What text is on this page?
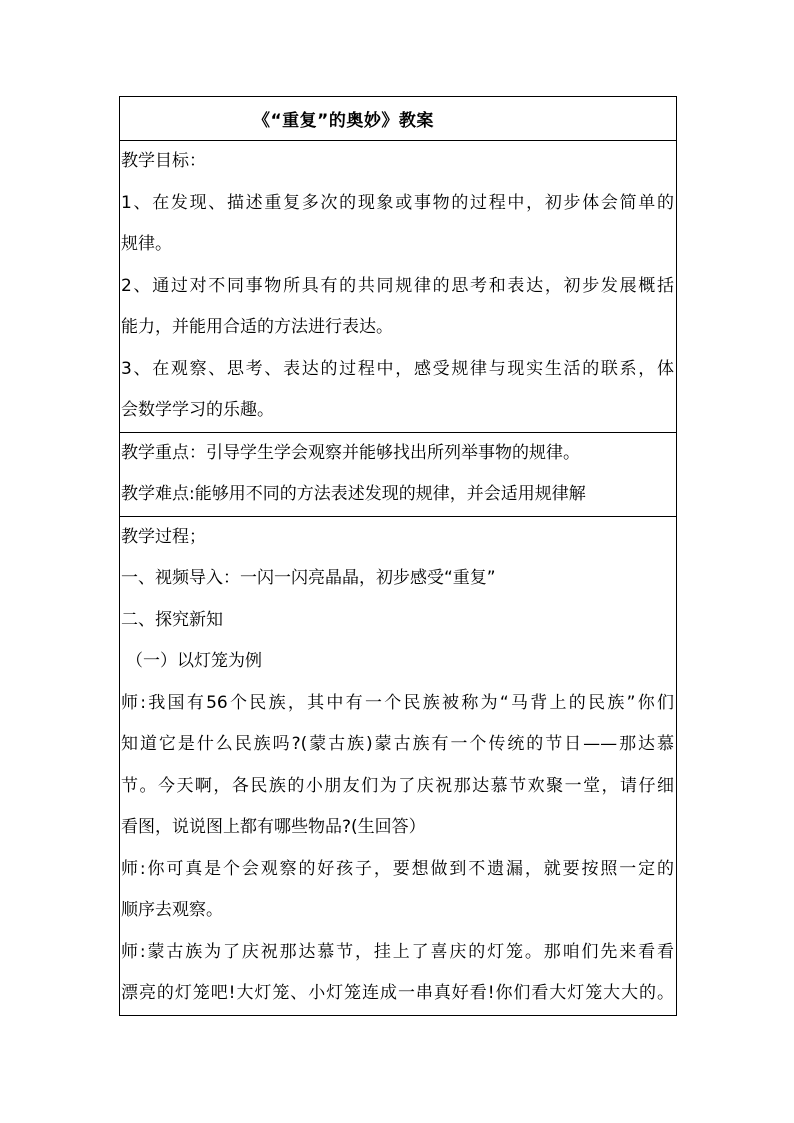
《“重复”的奥妙》教案
教学目标：
1、在发现、描述重复多次的现象或事物的过程中，初步体会简单的
规律。
2、通过对不同事物所具有的共同规律的思考和表达，初步发展概括
能力，并能用合适的方法进行表达。
3、在观察、思考、表达的过程中，感受规律与现实生活的联系，体
会数学学习的乐趣。
教学重点：引导学生学会观察并能够找出所列举事物的规律。
教学难点:能够用不同的方法表述发现的规律，并会适用规律解
教学过程；
一、视频导入：一闪一闪亮晶晶，初步感受“重复”
二、探究新知
（一）以灯笼为例
师:我国有56个民族，其中有一个民族被称为“马背上的民族”你们
知道它是什么民族吗?(蒙古族)蒙古族有一个传统的节日——那达慕
节。今天啊，各民族的小朋友们为了庆祝那达慕节欢聚一堂，请仔细
看图，说说图上都有哪些物品?(生回答）
师:你可真是个会观察的好孩子，要想做到不遗漏，就要按照一定的
顺序去观察。
师:蒙古族为了庆祝那达慕节，挂上了喜庆的灯笼。那咱们先来看看
漂亮的灯笼吧!大灯笼、小灯笼连成一串真好看!你们看大灯笼大大的。
